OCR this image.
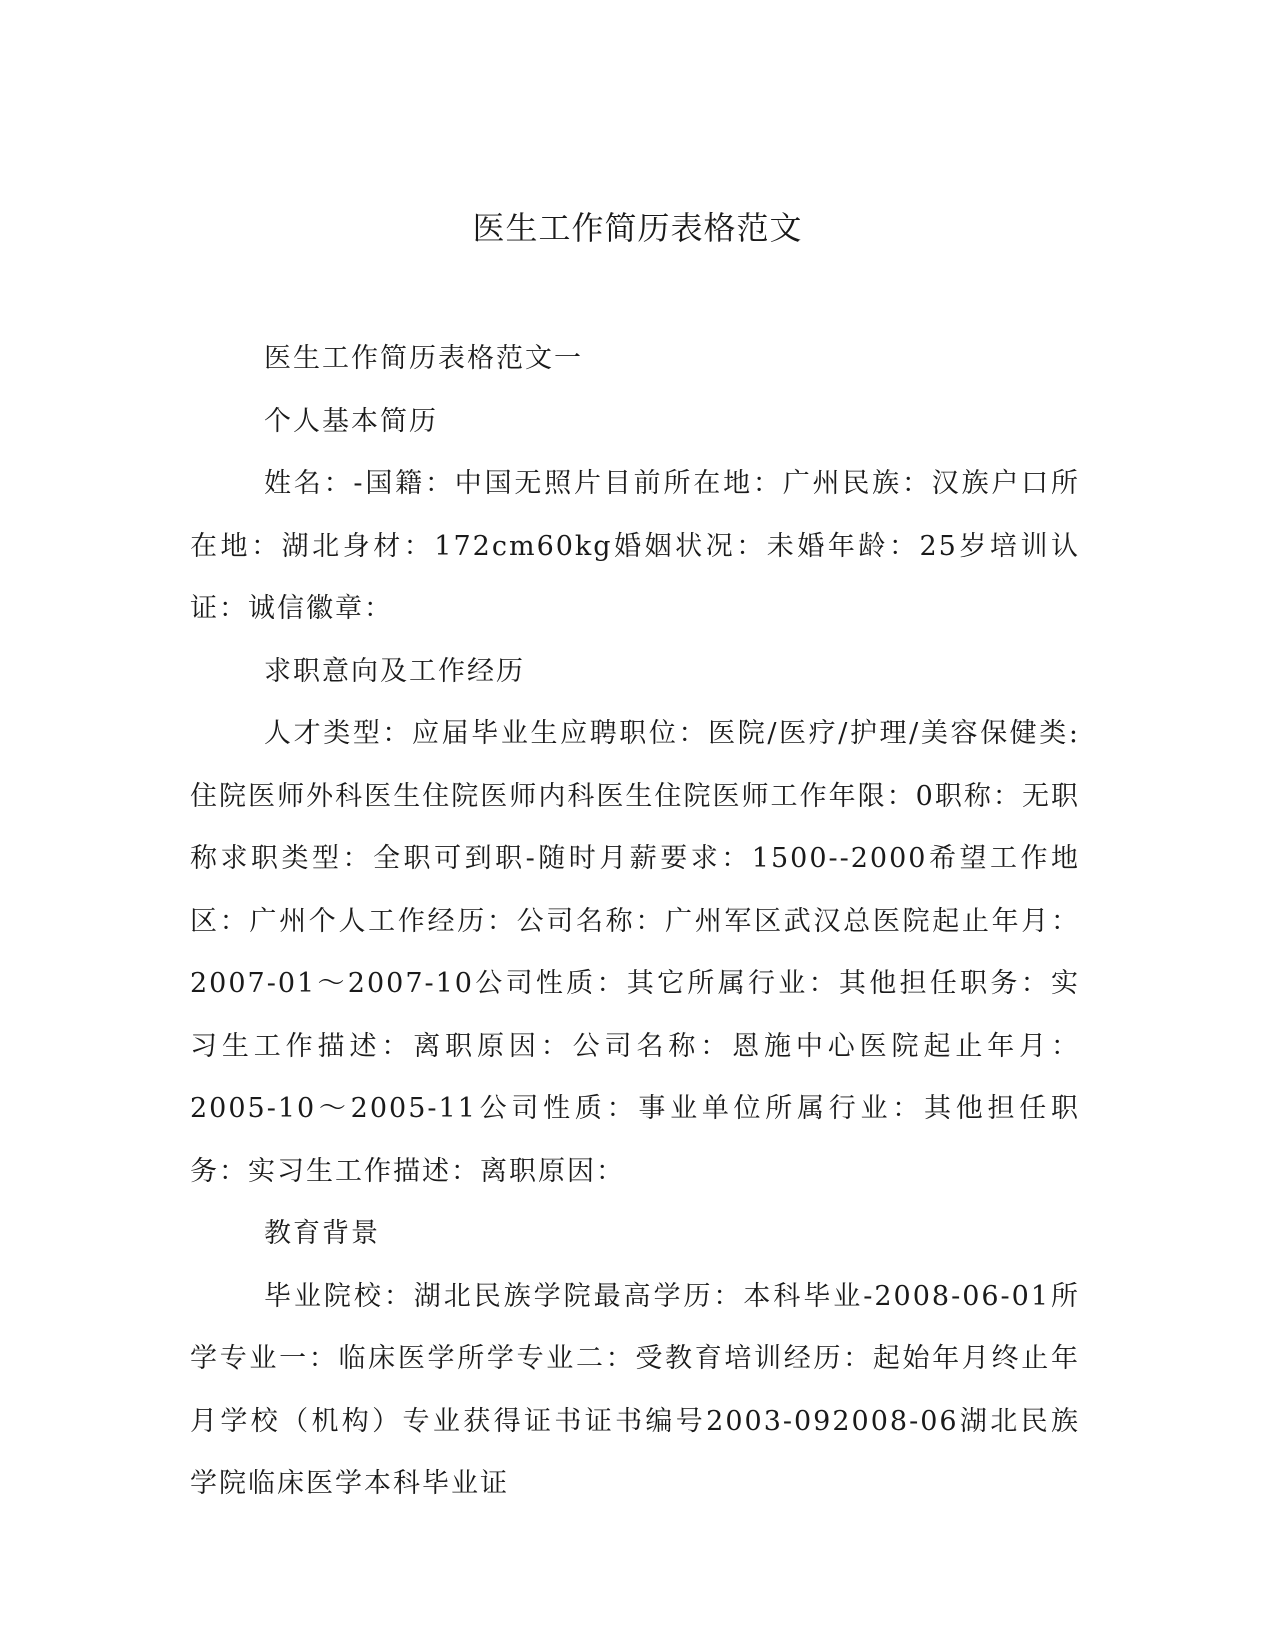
医生工作简历表格范文

医生工作简历表格范文一

个人基本简历

姓名：-国籍：中国无照片目前所在地：广州民族：汉族户口所在地：湖北身材：172cm60kg婚姻状况：未婚年龄：25岁培训认证：诚信徽章：

求职意向及工作经历

人才类型：应届毕业生应聘职位：医院/医疗/护理/美容保健类:住院医师外科医生住院医师内科医生住院医师工作年限：0职称：无职称求职类型：全职可到职-随时月薪要求：1500--2000希望工作地区：广州个人工作经历：公司名称：广州军区武汉总医院起止年月：2007-01～2007-10公司性质：其它所属行业：其他担任职务：实习生工作描述：离职原因：公司名称：恩施中心医院起止年月：2005-10～2005-11公司性质：事业单位所属行业：其他担任职务：实习生工作描述：离职原因：

教育背景

毕业院校：湖北民族学院最高学历：本科毕业-2008-06-01所学专业一：临床医学所学专业二：受教育培训经历：起始年月终止年月学校（机构）专业获得证书证书编号2003-092008-06湖北民族学院临床医学本科毕业证
